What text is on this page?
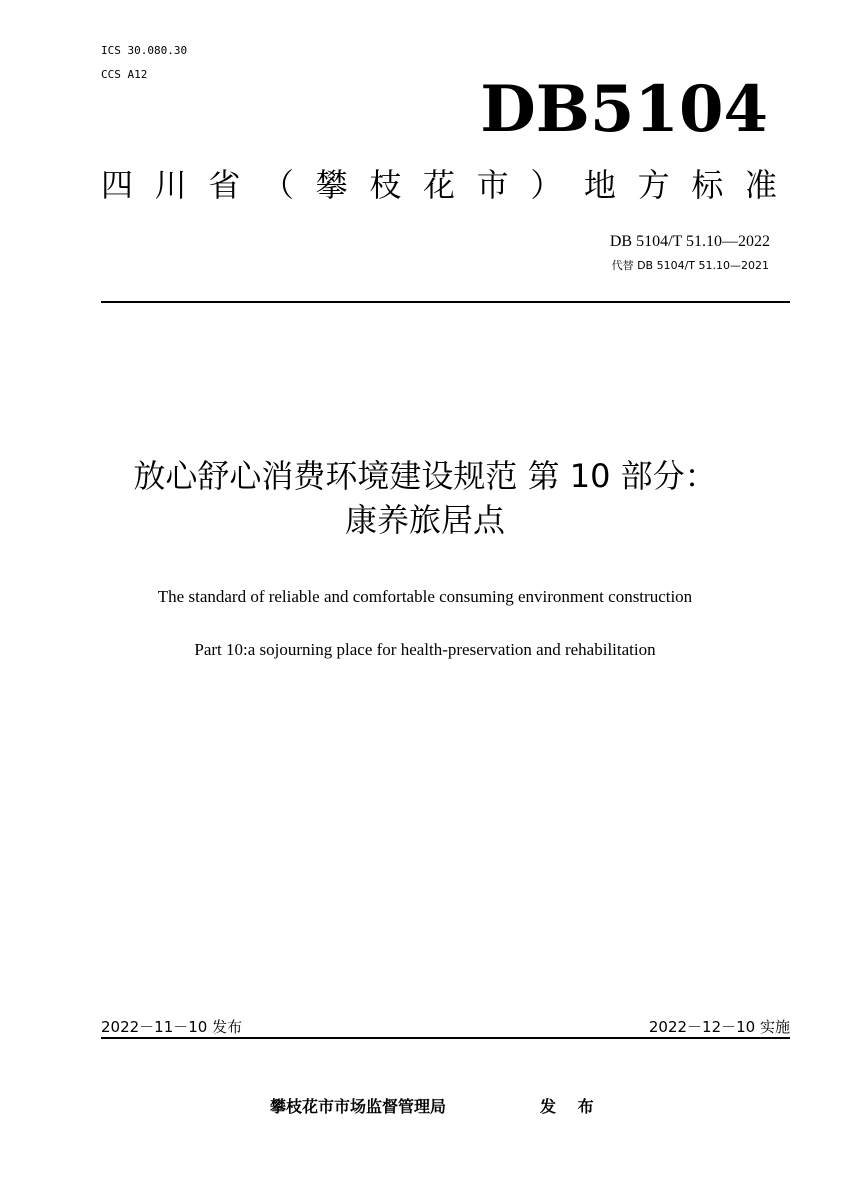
ICS 30.080.30
CCS A12	DB5104
四 川 省 （ 攀 枝 花 市 ） 地 方 标 准
DB 5104/T 51.10—2022
代替 DB 5104/T 51.10—2021
放心舒心消费环境建设规范 第 10 部分：
康养旅居点
The standard of reliable and comfortable consuming environment construction
Part 10:a sojourning place for health-preservation and rehabilitation
2022－11－10 发布	2022－12－10 实施
攀枝花市市场监督管理局	发 布
